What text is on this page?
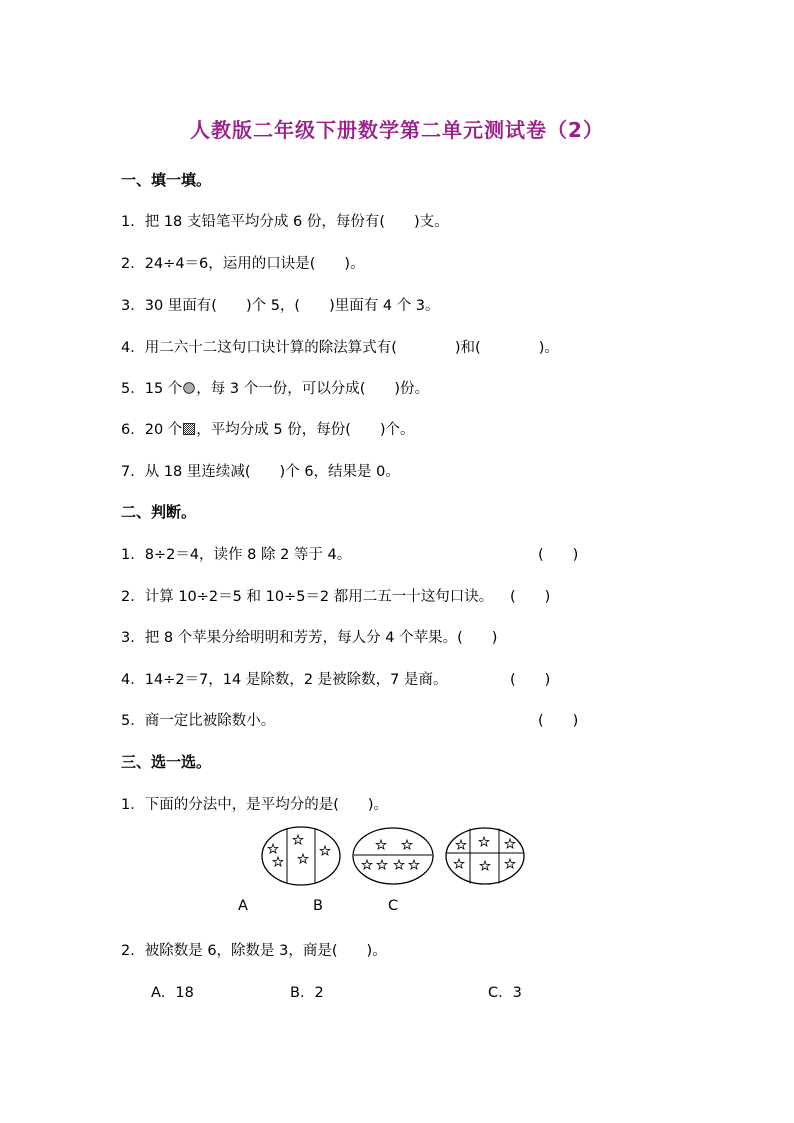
人教版二年级下册数学第二单元测试卷（2）
一、填一填。
1．把 18 支铅笔平均分成 6 份，每份有(　　)支。
2．24÷4＝6，运用的口诀是(　　)。
3．30 里面有(　　)个 5，(　　)里面有 4 个 3。
4．用二六十二这句口诀计算的除法算式有(　　　　)和(　　　　)。
5．15 个 ，每 3 个一份，可以分成(　　)份。
6．20 个 ，平均分成 5 份，每份(　　)个。
7．从 18 里连续减(　　)个 6，结果是 0。
二、判断。
1．8÷2＝4，读作 8 除 2 等于 4。	(　　)
2．计算 10÷2＝5 和 10÷5＝2 都用二五一十这句口诀。 (　　)
3．把 8 个苹果分给明明和芳芳，每人分 4 个苹果。(　　)
4．14÷2＝7，14 是除数，2 是被除数，7 是商。	(　　)
5．商一定比被除数小。	(　　)
三、选一选。
1．下面的分法中，是平均分的是(　　)。
A	B	C
2．被除数是 6，除数是 3，商是(　　)。
A．18	B．2	C．3
